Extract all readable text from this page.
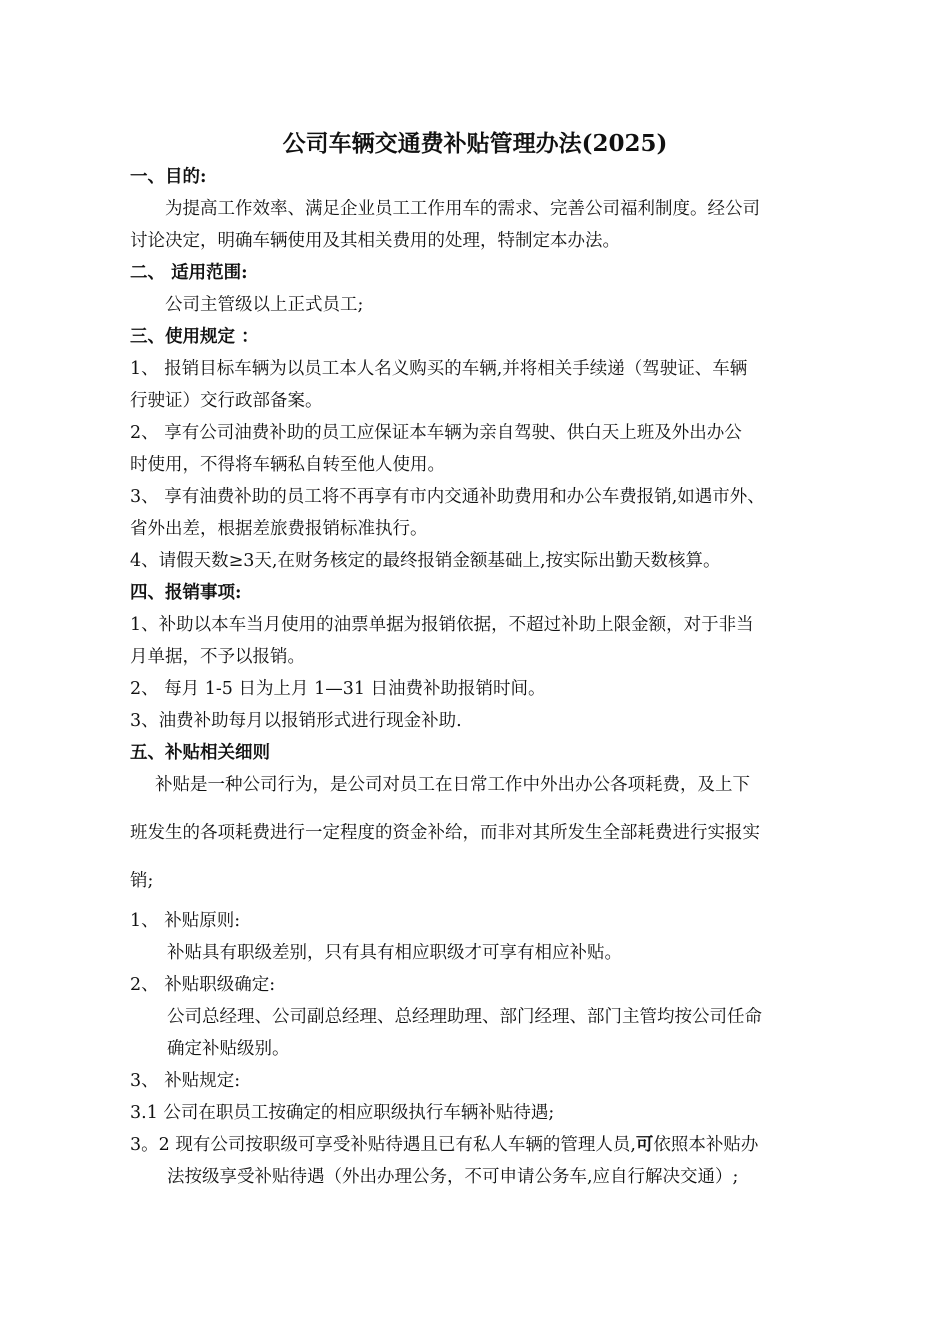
公司车辆交通费补贴管理办法(2025)
一、目的:
为提高工作效率、满足企业员工工作用车的需求、完善公司福利制度。经公司
讨论决定，明确车辆使用及其相关费用的处理，特制定本办法。
二、 适用范围:
公司主管级以上正式员工;
三、使用规定 ：
1、 报销目标车辆为以员工本人名义购买的车辆,并将相关手续递（驾驶证、车辆
行驶证）交行政部备案。
2、 享有公司油费补助的员工应保证本车辆为亲自驾驶、供白天上班及外出办公
时使用，不得将车辆私自转至他人使用。
3、 享有油费补助的员工将不再享有市内交通补助费用和办公车费报销,如遇市外、
省外出差，根据差旅费报销标准执行。
4、请假天数≥3天,在财务核定的最终报销金额基础上,按实际出勤天数核算。
四、报销事项:
1、补助以本车当月使用的油票单据为报销依据，不超过补助上限金额，对于非当
月单据，不予以报销。
2、 每月 1-5 日为上月 1—31 日油费补助报销时间。
3、油费补助每月以报销形式进行现金补助.
五、补贴相关细则
补贴是一种公司行为，是公司对员工在日常工作中外出办公各项耗费，及上下
班发生的各项耗费进行一定程度的资金补给，而非对其所发生全部耗费进行实报实
销;
1、 补贴原则:
补贴具有职级差别，只有具有相应职级才可享有相应补贴。
2、 补贴职级确定:
公司总经理、公司副总经理、总经理助理、部门经理、部门主管均按公司任命
确定补贴级别。
3、 补贴规定:
3.1 公司在职员工按确定的相应职级执行车辆补贴待遇;
3。2 现有公司按职级可享受补贴待遇且已有私人车辆的管理人员,可依照本补贴办
法按级享受补贴待遇（外出办理公务，不可申请公务车,应自行解决交通）;
